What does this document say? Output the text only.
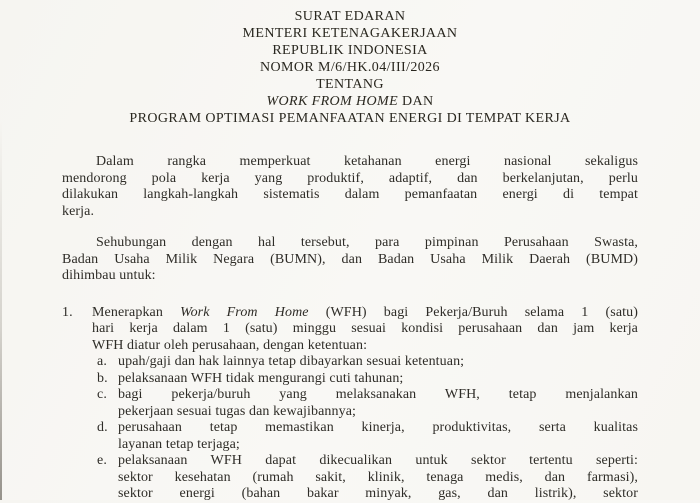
SURAT EDARAN
MENTERI KETENAGAKERJAAN
REPUBLIK INDONESIA
NOMOR M/6/HK.04/III/2026
TENTANG
WORK FROM HOME DAN
PROGRAM OPTIMASI PEMANFAATAN ENERGI DI TEMPAT KERJA
Dalam rangka memperkuat ketahanan energi nasional sekaligus
mendorong pola kerja yang produktif, adaptif, dan berkelanjutan, perlu
dilakukan langkah-langkah sistematis dalam pemanfaatan energi di tempat
kerja.
Sehubungan dengan hal tersebut, para pimpinan Perusahaan Swasta,
Badan Usaha Milik Negara (BUMN), dan Badan Usaha Milik Daerah (BUMD)
dihimbau untuk:
1. Menerapkan Work From Home (WFH) bagi Pekerja/Buruh selama 1 (satu)
hari kerja dalam 1 (satu) minggu sesuai kondisi perusahaan dan jam kerja
WFH diatur oleh perusahaan, dengan ketentuan:
a. upah/gaji dan hak lainnya tetap dibayarkan sesuai ketentuan;
b. pelaksanaan WFH tidak mengurangi cuti tahunan;
c. bagi pekerja/buruh yang melaksanakan WFH, tetap menjalankan
pekerjaan sesuai tugas dan kewajibannya;
d. perusahaan tetap memastikan kinerja, produktivitas, serta kualitas
layanan tetap terjaga;
e. pelaksanaan WFH dapat dikecualikan untuk sektor tertentu seperti:
sektor kesehatan (rumah sakit, klinik, tenaga medis, dan farmasi),
sektor energi (bahan bakar minyak, gas, dan listrik), sektor
